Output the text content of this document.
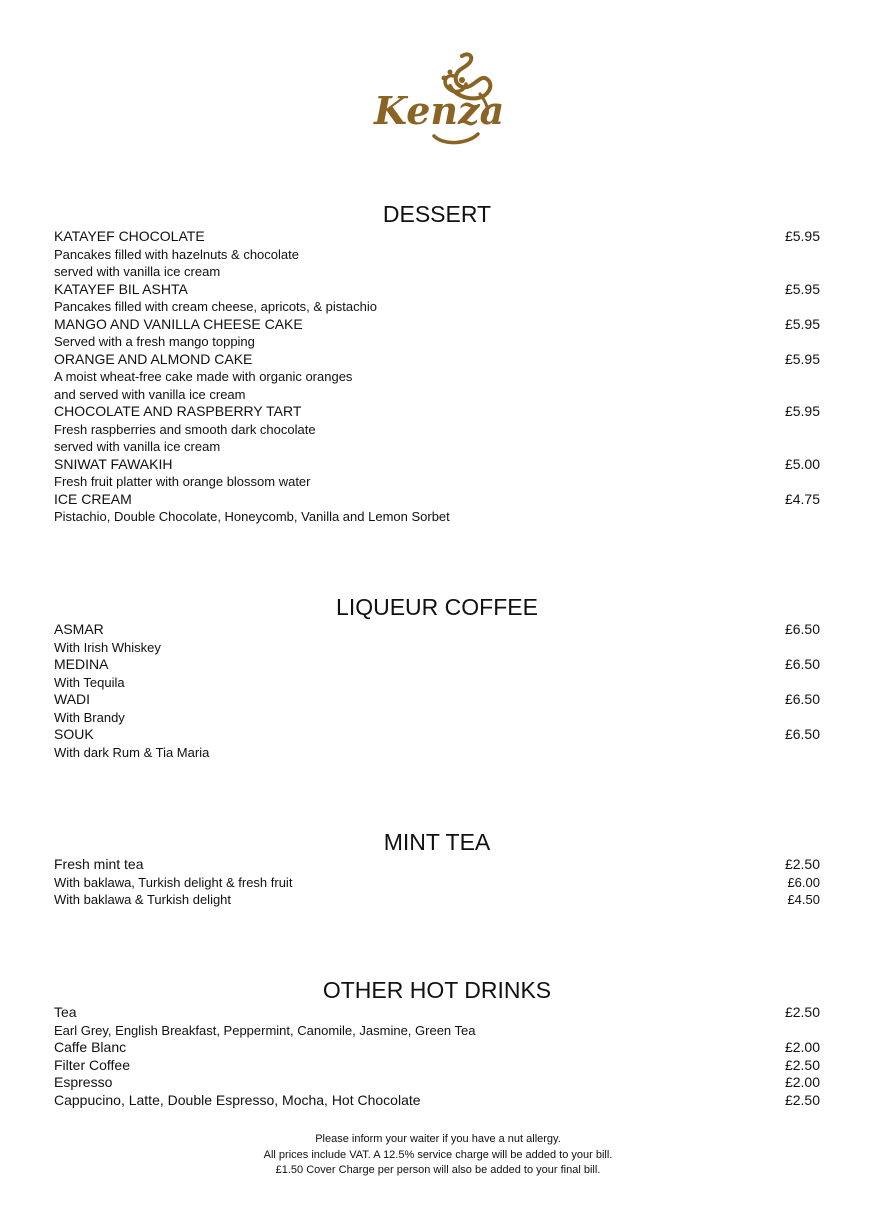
Kenza
DESSERT
KATAYEF CHOCOLATE	£5.95
Pancakes filled with hazelnuts & chocolate
served with vanilla ice cream
KATAYEF BIL ASHTA	£5.95
Pancakes filled with cream cheese, apricots, & pistachio
MANGO AND VANILLA CHEESE CAKE	£5.95
Served with a fresh mango topping
ORANGE AND ALMOND CAKE	£5.95
A moist wheat-free cake made with organic oranges
and served with vanilla ice cream
CHOCOLATE AND RASPBERRY TART	£5.95
Fresh raspberries and smooth dark chocolate
served with vanilla ice cream
SNIWAT FAWAKIH	£5.00
Fresh fruit platter with orange blossom water
ICE CREAM	£4.75
Pistachio, Double Chocolate, Honeycomb, Vanilla and Lemon Sorbet
LIQUEUR COFFEE
ASMAR	£6.50
With Irish Whiskey
MEDINA	£6.50
With Tequila
WADI	£6.50
With Brandy
SOUK	£6.50
With dark Rum & Tia Maria
MINT TEA
Fresh mint tea	£2.50
With baklawa, Turkish delight & fresh fruit	£6.00
With baklawa & Turkish delight	£4.50
OTHER HOT DRINKS
Tea	£2.50
Earl Grey, English Breakfast, Peppermint, Canomile, Jasmine, Green Tea
Caffe Blanc	£2.00
Filter Coffee	£2.50
Espresso	£2.00
Cappucino, Latte, Double Espresso, Mocha, Hot Chocolate	£2.50
Please inform your waiter if you have a nut allergy.
All prices include VAT. A 12.5% service charge will be added to your bill.
£1.50 Cover Charge per person will also be added to your final bill.
